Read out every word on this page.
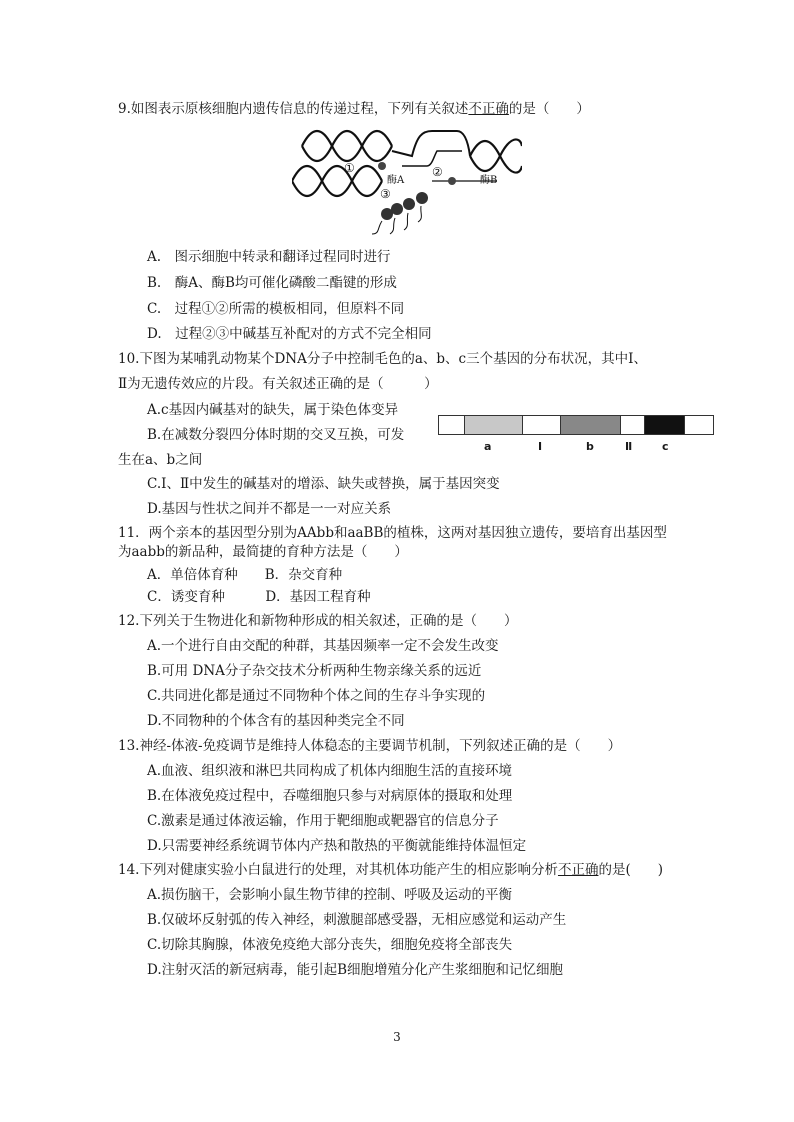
9.如图表示原核细胞内遗传信息的传递过程，下列有关叙述不正确的是（　　）
①	②
③
酶A	酶B
A.　图示细胞中转录和翻译过程同时进行
B.　酶A、酶B均可催化磷酸二酯键的形成
C.　过程①②所需的模板相同，但原料不同
D.　过程②③中碱基互补配对的方式不完全相同
10.下图为某哺乳动物某个DNA分子中控制毛色的a、b、c三个基因的分布状况，其中Ⅰ、
Ⅱ为无遗传效应的片段。有关叙述正确的是（　　　）
A.c基因内碱基对的缺失，属于染色体变异
B.在减数分裂四分体时期的交叉互换，可发
生在a、b之间
C.Ⅰ、Ⅱ中发生的碱基对的增添、缺失或替换，属于基因突变
D.基因与性状之间并不都是一一对应关系
a	Ⅰ	b	Ⅱ	c
11．两个亲本的基因型分别为AAbb和aaBB的植株，这两对基因独立遗传，要培育出基因型
为aabb的新品种，最简捷的育种方法是（　　）
A．单倍体育种　　B．杂交育种
C．诱变育种　　　D．基因工程育种
12.下列关于生物进化和新物种形成的相关叙述，正确的是（　　）
A.一个进行自由交配的种群，其基因频率一定不会发生改变
B.可用 DNA分子杂交技术分析两种生物亲缘关系的远近
C.共同进化都是通过不同物种个体之间的生存斗争实现的
D.不同物种的个体含有的基因种类完全不同
13.神经-体液-免疫调节是维持人体稳态的主要调节机制，下列叙述正确的是（　　）
A.血液、组织液和淋巴共同构成了机体内细胞生活的直接环境
B.在体液免疫过程中，吞噬细胞只参与对病原体的摄取和处理
C.激素是通过体液运输，作用于靶细胞或靶器官的信息分子
D.只需要神经系统调节体内产热和散热的平衡就能维持体温恒定
14.下列对健康实验小白鼠进行的处理，对其机体功能产生的相应影响分析不正确的是(　　)
A.损伤脑干，会影响小鼠生物节律的控制、呼吸及运动的平衡
B.仅破坏反射弧的传入神经，刺激腿部感受器，无相应感觉和运动产生
C.切除其胸腺，体液免疫绝大部分丧失，细胞免疫将全部丧失
D.注射灭活的新冠病毒，能引起B细胞增殖分化产生浆细胞和记忆细胞
3
